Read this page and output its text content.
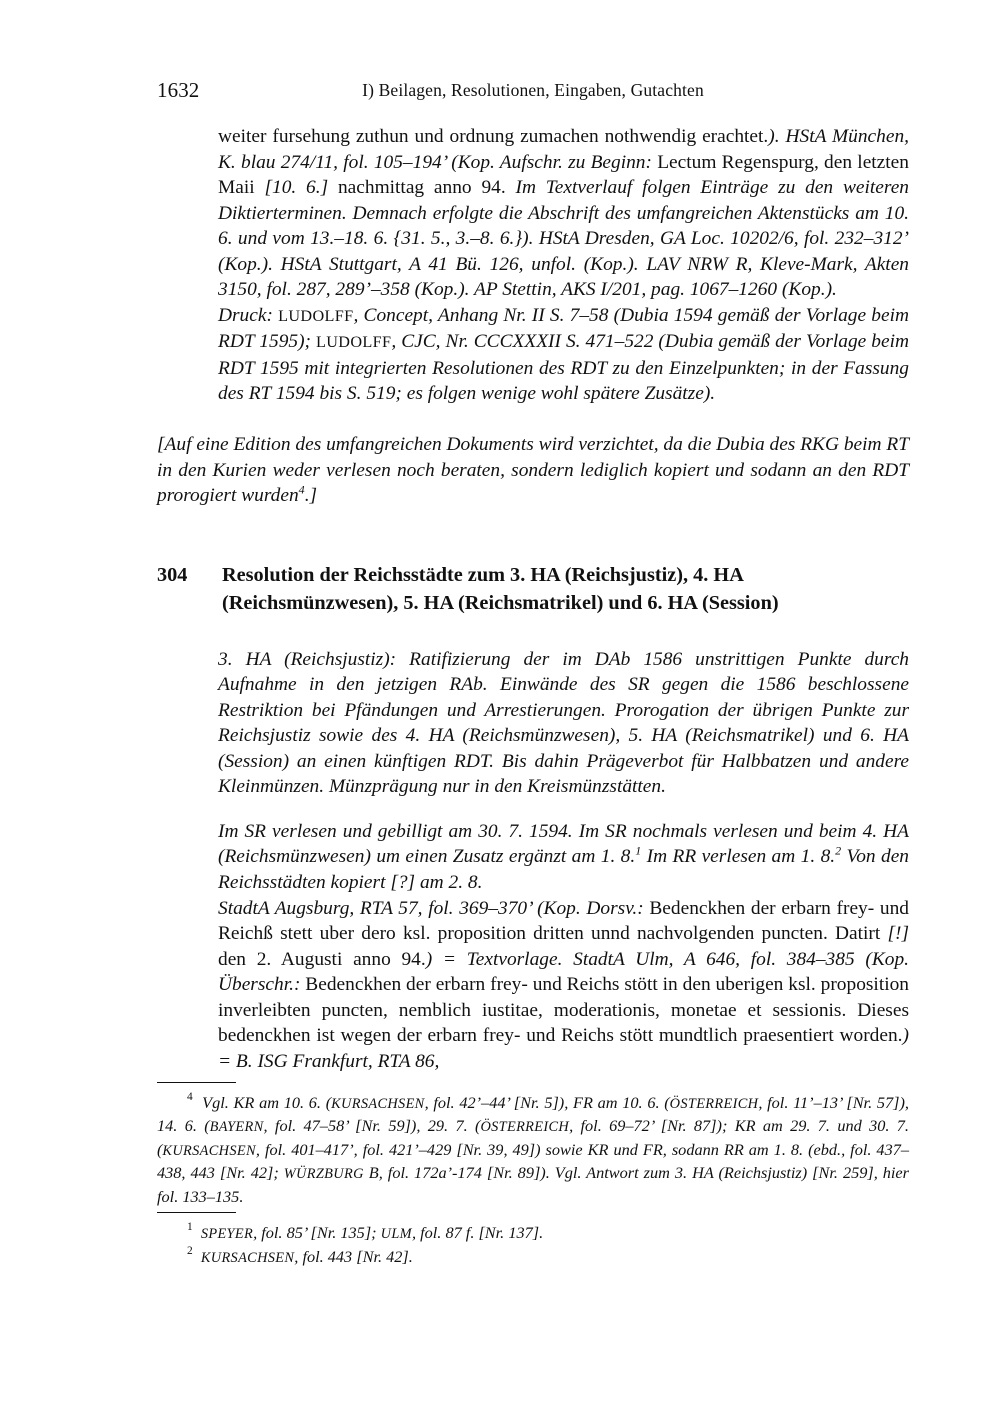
1632	I) Beilagen, Resolutionen, Eingaben, Gutachten

weiter fursehung zuthun und ordnung zumachen nothwendig erachtet.). HStA München, K. blau 274/11, fol. 105–194’ (Kop. Aufschr. zu Beginn: Lectum Regenspurg, den letzten Maii [10. 6.] nachmittag anno 94. Im Textverlauf folgen Einträge zu den weiteren Diktierterminen. Demnach erfolgte die Abschrift des umfangreichen Aktenstücks am 10. 6. und vom 13.–18. 6. {31. 5., 3.–8. 6.}). HStA Dresden, GA Loc. 10202/6, fol. 232–312’ (Kop.). HStA Stuttgart, A 41 Bü. 126, unfol. (Kop.). LAV NRW R, Kleve-Mark, Akten 3150, fol. 287, 289’–358 (Kop.). AP Stettin, AKS I/201, pag. 1067–1260 (Kop.).

Druck: LUDOLFF, Concept, Anhang Nr. II S. 7–58 (Dubia 1594 gemäß der Vorlage beim RDT 1595); LUDOLFF, CJC, Nr. CCCXXXII S. 471–522 (Dubia gemäß der Vorlage beim RDT 1595 mit integrierten Resolutionen des RDT zu den Einzelpunkten; in der Fassung des RT 1594 bis S. 519; es folgen wenige wohl spätere Zusätze).

[Auf eine Edition des umfangreichen Dokuments wird verzichtet, da die Dubia des RKG beim RT in den Kurien weder verlesen noch beraten, sondern lediglich kopiert und sodann an den RDT prorogiert wurden$^4$.]

304 Resolution der Reichsstädte zum 3. HA (Reichsjustiz), 4. HA (Reichsmünzwesen), 5. HA (Reichsmatrikel) und 6. HA (Session)

3. HA (Reichsjustiz): Ratifizierung der im DAb 1586 unstrittigen Punkte durch Aufnahme in den jetzigen RAb. Einwände des SR gegen die 1586 beschlossene Restriktion bei Pfändungen und Arrestierungen. Prorogation der übrigen Punkte zur Reichsjustiz sowie des 4. HA (Reichsmünzwesen), 5. HA (Reichsmatrikel) und 6. HA (Session) an einen künftigen RDT. Bis dahin Prägeverbot für Halbbatzen und andere Kleinmünzen. Münzprägung nur in den Kreismünzstätten.

Im SR verlesen und gebilligt am 30. 7. 1594. Im SR nochmals verlesen und beim 4. HA (Reichsmünzwesen) um einen Zusatz ergänzt am 1. 8.$^1$ Im RR verlesen am 1. 8.$^2$ Von den Reichsstädten kopiert [?] am 2. 8.

StadtA Augsburg, RTA 57, fol. 369–370’ (Kop. Dorsv.: Bedenckhen der erbarn frey- und Reichß stett uber dero ksl. proposition dritten unnd nachvolgenden puncten. Datirt [!] den 2. Augusti anno 94.) = Textvorlage. StadtA Ulm, A 646, fol. 384–385 (Kop. Überschr.: Bedenckhen der erbarn frey- und Reichs stött in den uberigen ksl. proposition inverleibten puncten, nemblich iustitae, moderationis, monetae et sessionis. Dieses bedenckhen ist wegen der erbarn frey- und Reichs stött mundtlich praesentiert worden.) = B. ISG Frankfurt, RTA 86,

$^4$ Vgl. KR am 10. 6. (KURSACHSEN, fol. 42’–44’ [Nr. 5]), FR am 10. 6. (ÖSTERREICH, fol. 11’–13’ [Nr. 57]), 14. 6. (BAYERN, fol. 47–58’ [Nr. 59]), 29. 7. (ÖSTERREICH, fol. 69–72’ [Nr. 87]); KR am 29. 7. und 30. 7. (KURSACHSEN, fol. 401–417’, fol. 421’–429 [Nr. 39, 49]) sowie KR und FR, sodann RR am 1. 8. (ebd., fol. 437–438, 443 [Nr. 42]; WÜRZBURG B, fol. 172a’-174 [Nr. 89]). Vgl. Antwort zum 3. HA (Reichsjustiz) [Nr. 259], hier fol. 133–135.

$^1$ SPEYER, fol. 85’ [Nr. 135]; ULM, fol. 87 f. [Nr. 137].

$^2$ KURSACHSEN, fol. 443 [Nr. 42].
